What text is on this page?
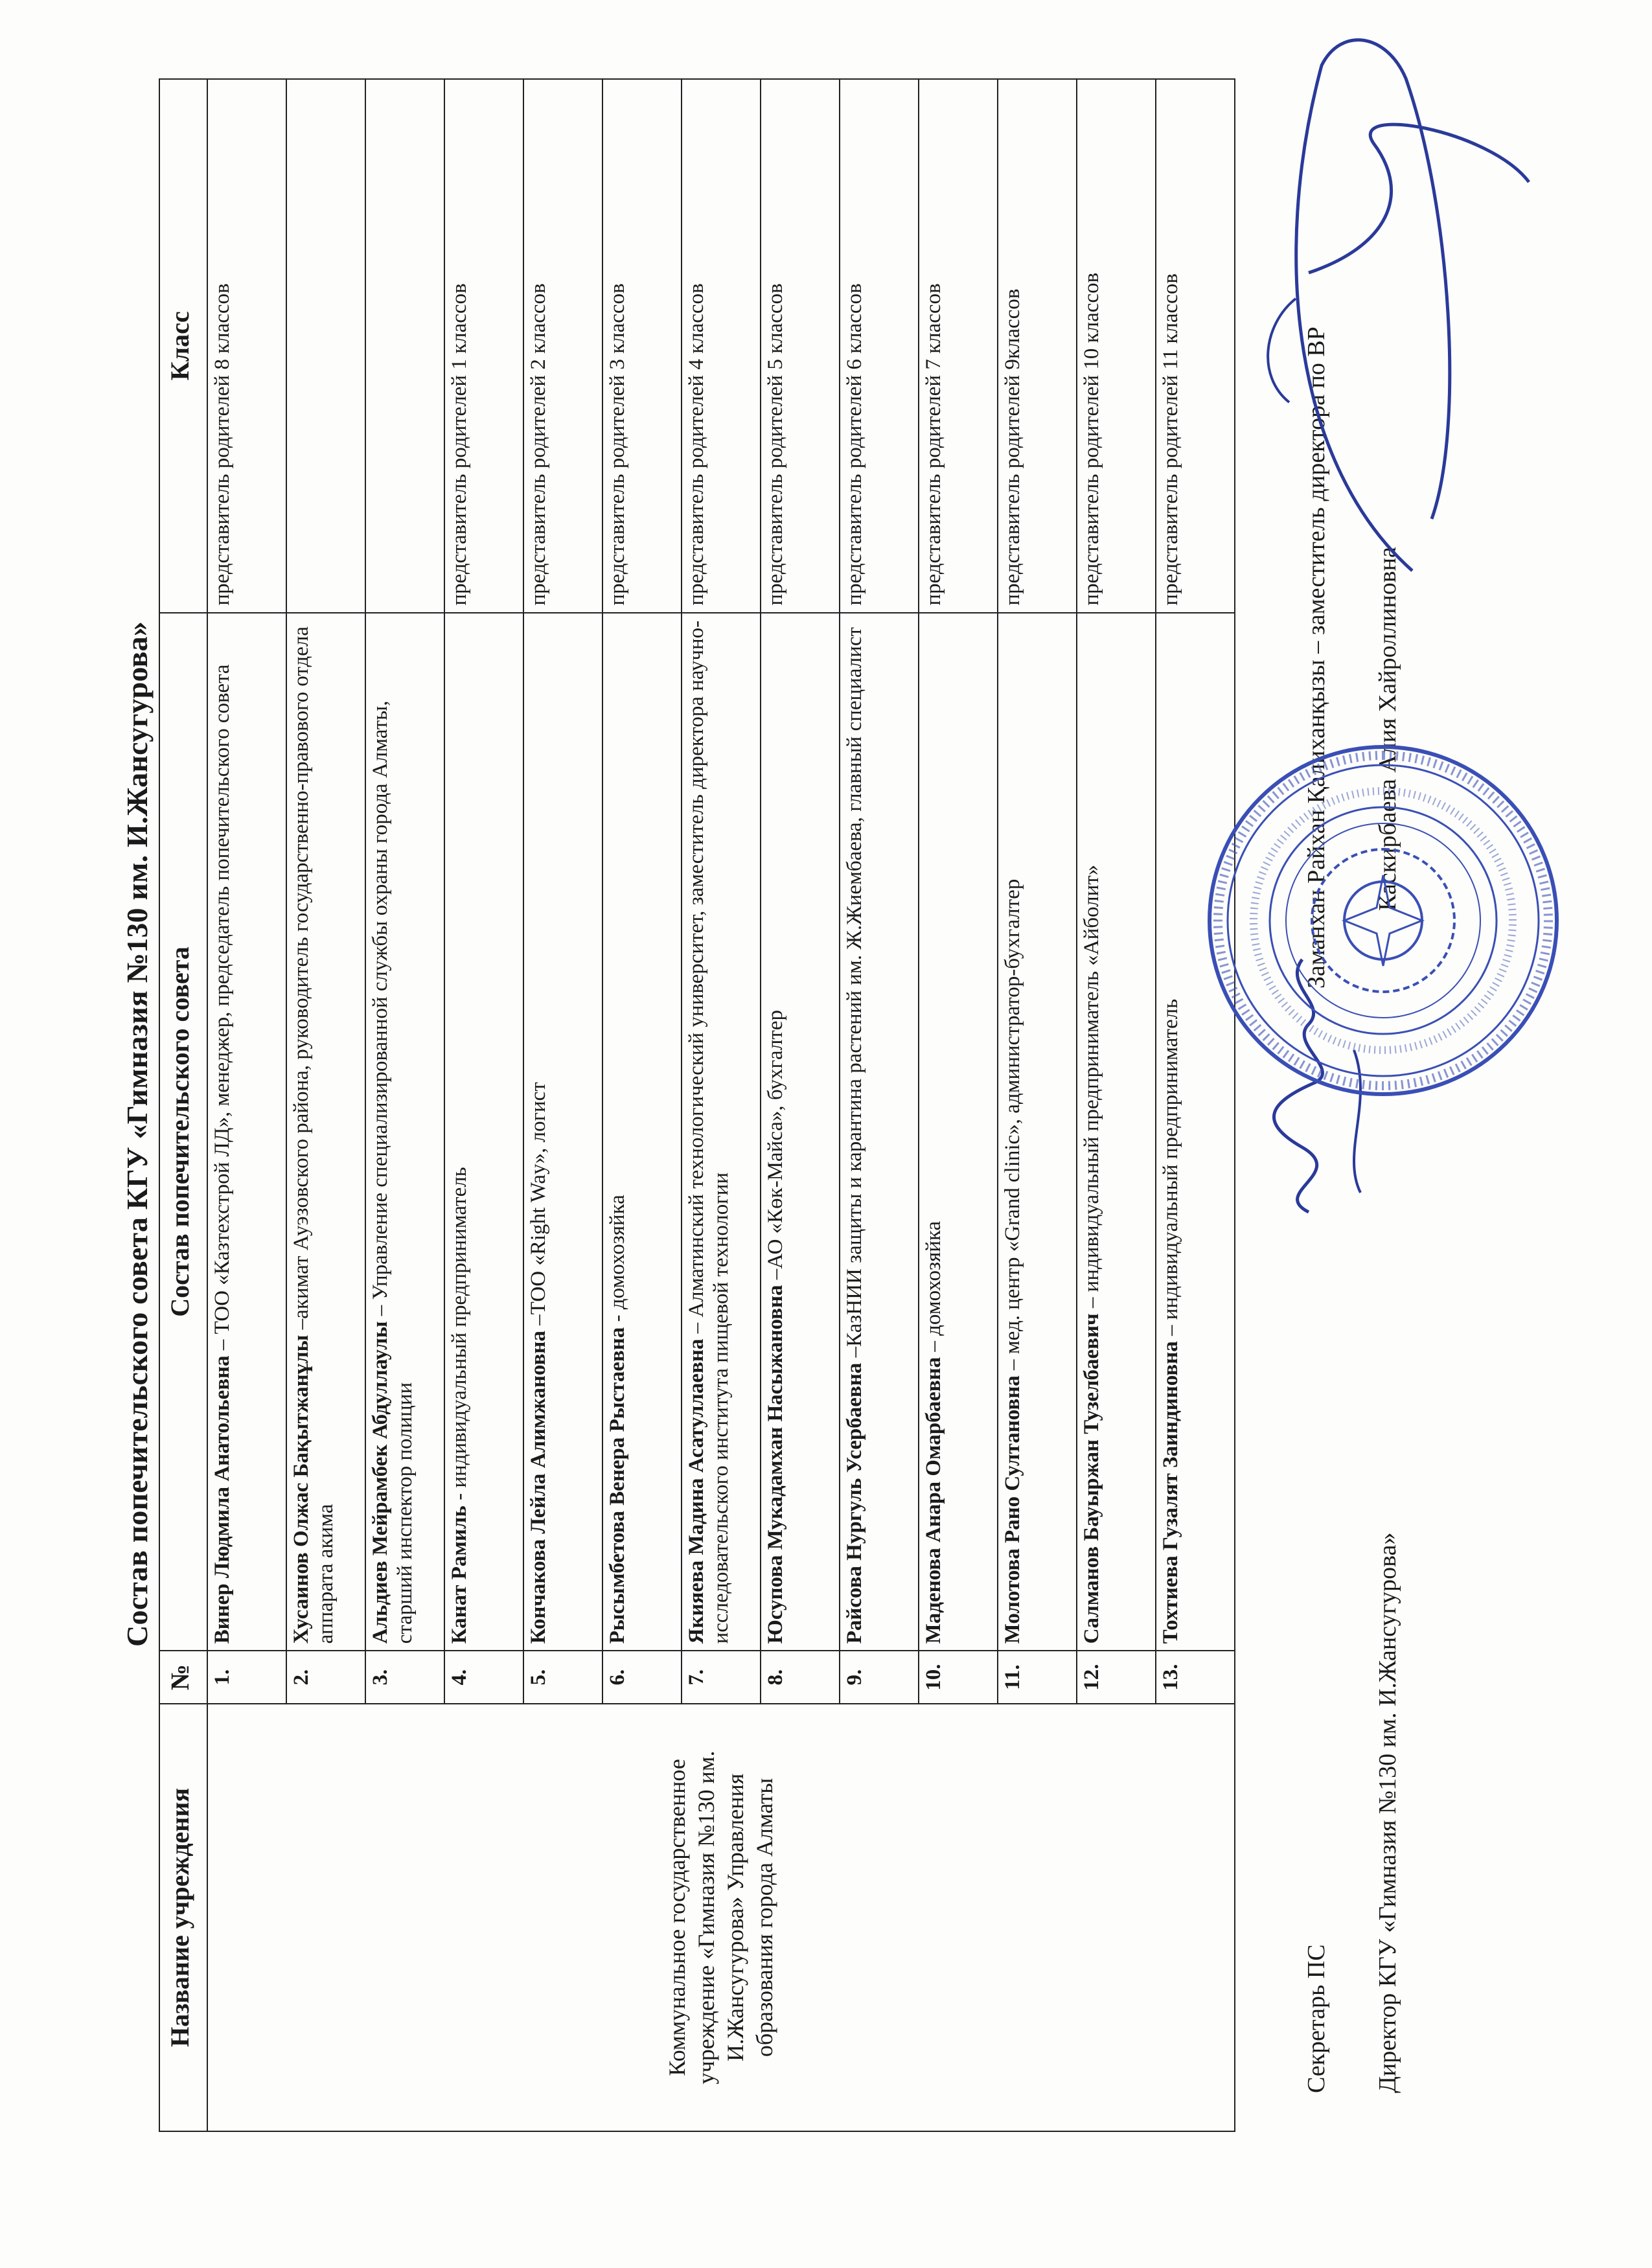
Состав попечительского совета КГУ «Гимназия №130 им. И.Жансугурова»
Название учреждения	№	Состав попечительского совета	Класс
Коммунальное государственное учреждение «Гимназия №130 им. И.Жансугурова» Управления образования города Алматы	1.	Винер Людмила Анатольевна – ТОО «Казтехстрой ЛД», менеджер, председатель попечительского совета	представитель родителей 8 классов
	2.	Хусаинов Олжас Бақытжанұлы –акимат Ауэзовского района, руководитель государственно-правового отдела аппарата акима	
	3.	Альдиев Мейрамбек Абдуллаулы – Управление специализированной службы охраны города Алматы, старший инспектор полиции	
	4.	Канат Рамиль - индивидуальный предприниматель	представитель родителей 1 классов
	5.	Кончакова Лейла Алимжановна –ТОО «Right Way», логист	представитель родителей 2 классов
	6.	Рысымбетова Венера Рыстаевна - домохозяйка	представитель родителей 3 классов
	7.	Якияева Мадина Асатуллаевна – Алматинский технологический университет, заместитель директора научно-исследовательского института пищевой технологии	представитель родителей 4 классов
	8.	Юсупова Мукадамхан Насыжановна –АО «Көк-Майса», бухгалтер	представитель родителей 5 классов
	9.	Райсова Нургуль Усербаевна –КазНИИ защиты и карантина растений им. Ж.Жиембаева, главный специалист	представитель родителей 6 классов
	10.	Маденова Анара Омарбаевна – домохозяйка	представитель родителей 7 классов
	11.	Молотова Рано Султановна – мед. центр «Grand clinic», администратор-бухгалтер	представитель родителей 9классов
	12.	Салманов Бауыржан Тузелбаевич – индивидуальный предприниматель «Айболит»	представитель родителей 10 классов
	13.	Тохтиева Гузалят Заиндиновна – индивидуальный предприниматель	представитель родителей 11 классов
Секретарь ПС
Каскирбаева Алия Хайроллиновна
Директор КГУ «Гимназия №130 им. И.Жансугурова»
Заманхан Райхан Қалиханқызы – заместитель директора по ВР
